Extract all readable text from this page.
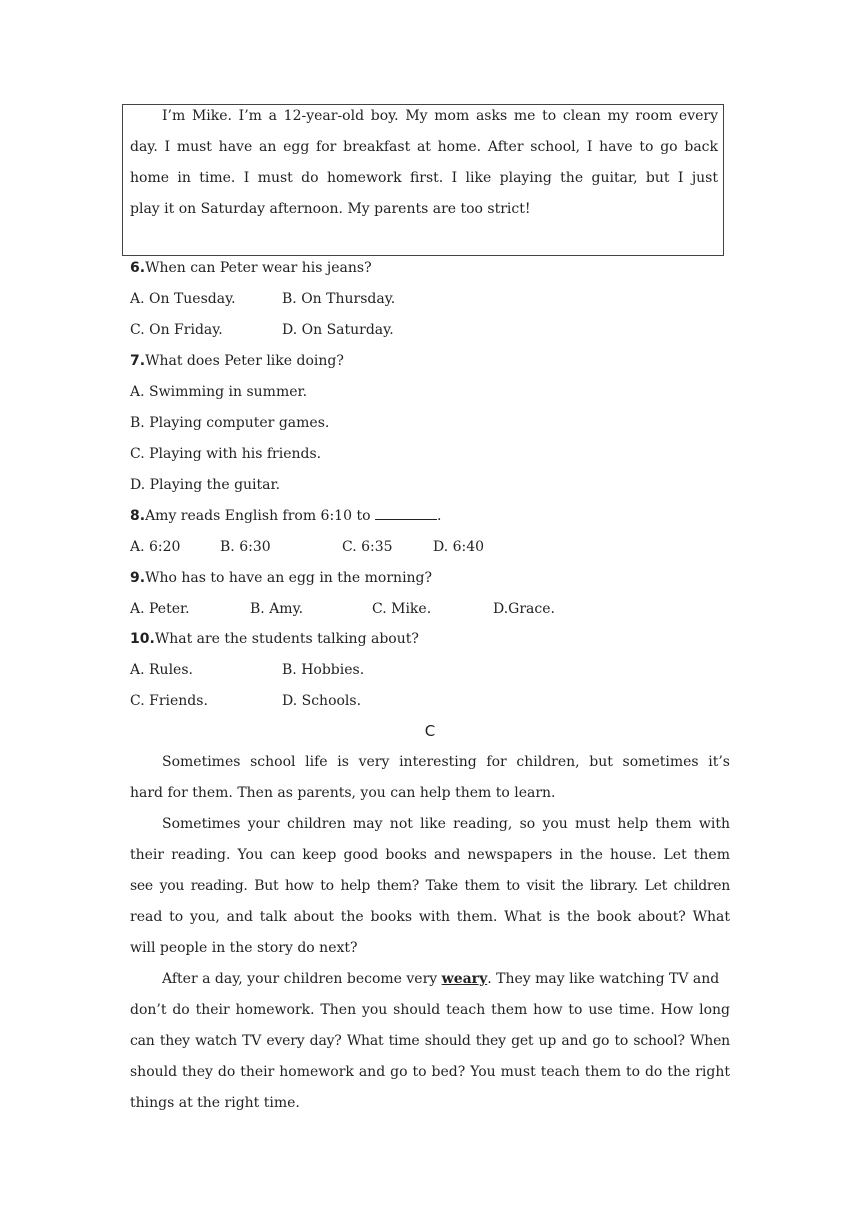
I’m Mike. I’m a 12-year-old boy. My mom asks me to clean my room every
day. I must have an egg for breakfast at home. After school, I have to go back
home in time. I must do homework first. I like playing the guitar, but I just
play it on Saturday afternoon. My parents are too strict!
6.When can Peter wear his jeans?
A. On Tuesday.	B. On Thursday.
C. On Friday.	D. On Saturday.
7.What does Peter like doing?
A. Swimming in summer.
B. Playing computer games.
C. Playing with his friends.
D. Playing the guitar.
8.Amy reads English from 6:10 to	.
A. 6:20	B. 6:30	C. 6:35	D. 6:40
9.Who has to have an egg in the morning?
A. Peter.	B. Amy.	C. Mike.	D.Grace.
10.What are the students talking about?
A. Rules.	B. Hobbies.
C. Friends.	D. Schools.
C
Sometimes school life is very interesting for children, but sometimes it’s
hard for them. Then as parents, you can help them to learn.
Sometimes your children may not like reading, so you must help them with
their reading. You can keep good books and newspapers in the house. Let them
see you reading. But how to help them? Take them to visit the library. Let children
read to you, and talk about the books with them. What is the book about? What
will people in the story do next?
After a day, your children become very weary. They may like watching TV and
don’t do their homework. Then you should teach them how to use time. How long
can they watch TV every day? What time should they get up and go to school? When
should they do their homework and go to bed? You must teach them to do the right
things at the right time.
